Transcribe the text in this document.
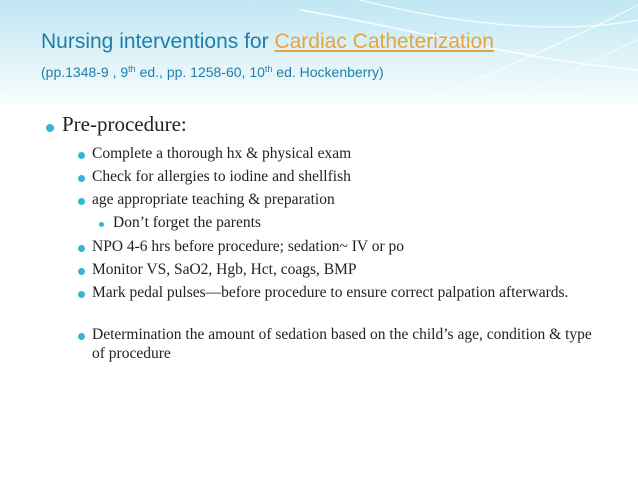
Nursing interventions for Cardiac Catheterization
(pp.1348-9 , 9th ed., pp. 1258-60, 10th ed. Hockenberry)
Pre-procedure:
Complete a thorough hx & physical exam
Check for allergies to iodine and shellfish
age appropriate teaching & preparation
Don’t forget the parents
NPO 4-6 hrs before procedure; sedation~ IV or po
Monitor VS, SaO2, Hgb, Hct, coags, BMP
Mark pedal pulses—before procedure to ensure correct palpation afterwards.
Determination the amount of sedation based on the child’s age, condition & type of procedure
